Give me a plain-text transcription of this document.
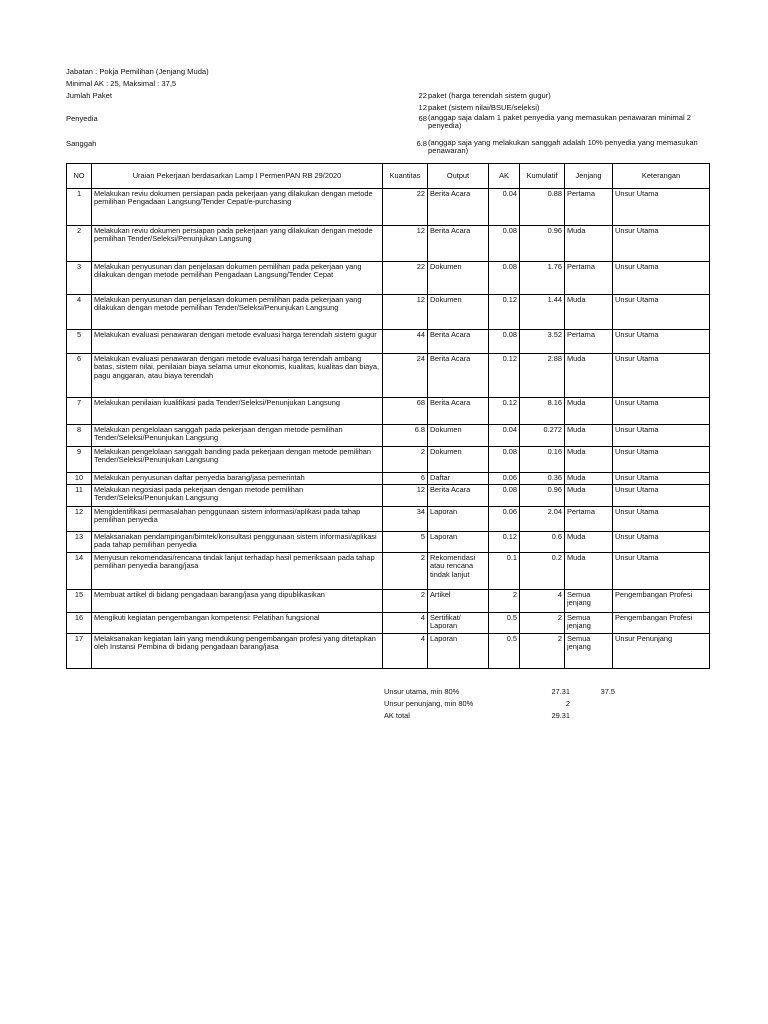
Jabatan : Pokja Pemilihan (Jenjang Muda)
Minimal AK : 25, Maksimal : 37,5
Jumlah Paket	22 paket (harga terendah sistem gugur)
12 paket (sistem nilai/BSUE/seleksi)
Penyedia	68 (anggap saja dalam 1 paket penyedia yang memasukan penawaran minimal 2 penyedia)
Sanggah	6.8 (anggap saja yang melakukan sanggah adalah 10% penyedia yang memasukan penawaran)
NO	Uraian Pekerjaan berdasarkan Lamp I PermenPAN RB 29/2020	Kuantitas	Output	AK	Kumulatif	Jenjang	Keterangan
1	Melakukan reviu dokumen persiapan pada pekerjaan yang dilakukan dengan metode pemilihan Pengadaan Langsung/Tender Cepat/e-purchasing	22	Berita Acara	0.04	0.88	Pertama	Unsur Utama
2	Melakukan reviu dokumen persiapan pada pekerjaan yang dilakukan dengan metode pemilihan Tender/Seleksi/Penunjukan Langsung	12	Berita Acara	0.08	0.96	Muda	Unsur Utama
3	Melakukan penyusunan dan penjelasan dokumen pemilihan pada pekerjaan yang dilakukan dengan metode pemilihan Pengadaan Langsung/Tender Cepat	22	Dokumen	0.08	1.76	Pertama	Unsur Utama
4	Melakukan penyusunan dan penjelasan dokumen pemilihan pada pekerjaan yang dilakukan dengan metode pemilihan Tender/Seleksi/Penunjukan Langsung	12	Dokumen	0.12	1.44	Muda	Unsur Utama
5	Melakukan evaluasi penawaran dengan metode evaluasi harga terendah sistem gugur	44	Berita Acara	0.08	3.52	Pertama	Unsur Utama
6	Melakukan evaluasi penawaran dengan metode evaluasi harga terendah ambang batas, sistem nilai, penilaian biaya selama umur ekonomis, kualitas, kualitas dan biaya, pagu anggaran, atau biaya terendah	24	Berita Acara	0.12	2.88	Muda	Unsur Utama
7	Melakukan penilaian kualifikasi pada Tender/Seleksi/Penunjukan Langsung	68	Berita Acara	0.12	8.16	Muda	Unsur Utama
8	Melakukan pengelolaan sanggah pada pekerjaan dengan metode pemilihan Tender/Seleksi/Penunjukan Langsung	6.8	Dokumen	0.04	0.272	Muda	Unsur Utama
9	Melakukan pengelolaan sanggah banding pada pekerjaan dengan metode pemilihan Tender/Seleksi/Penunjukan Langsung	2	Dokumen	0.08	0.16	Muda	Unsur Utama
10	Melakukan penyusunan daftar penyedia barang/jasa pemerintah	6	Daftar	0.06	0.36	Muda	Unsur Utama
11	Melakukan negosiasi pada pekerjaan dengan metode pemilihan Tender/Seleksi/Penunjukan Langsung	12	Berita Acara	0.08	0.96	Muda	Unsur Utama
12	Mengidentifikasi permasalahan penggunaan sistem informasi/aplikasi pada tahap pemilihan penyedia	34	Laporan	0.06	2.04	Pertama	Unsur Utama
13	Melaksanakan pendampingan/bimtek/konsultasi penggunaan sistem informasi/aplikasi pada tahap pemilihan penyedia	5	Laporan	0.12	0.6	Muda	Unsur Utama
14	Menyusun rekomendasi/rencana tindak lanjut terhadap hasil pemeriksaan pada tahap pemilihan penyedia barang/jasa	2	Rekomendasi atau rencana tindak lanjut	0.1	0.2	Muda	Unsur Utama
15	Membuat artikel di bidang pengadaan barang/jasa yang dipublikasikan	2	Artikel	2	4	Semua jenjang	Pengembangan Profesi
16	Mengikuti kegiatan pengembangan kompetensi: Pelatihan fungsional	4	Sertifikat/ Laporan	0.5	2	Semua jenjang	Pengembangan Profesi
17	Melaksanakan kegiatan lain yang mendukung pengembangan profesi yang ditetapkan oleh Instansi Pembina di bidang pengadaan barang/jasa	4	Laporan	0.5	2	Semua jenjang	Unsur Penunjang
Unsur utama, min 80%	27.31	37.5
Unsur penunjang, min 80%	2	
AK total	29.31	
